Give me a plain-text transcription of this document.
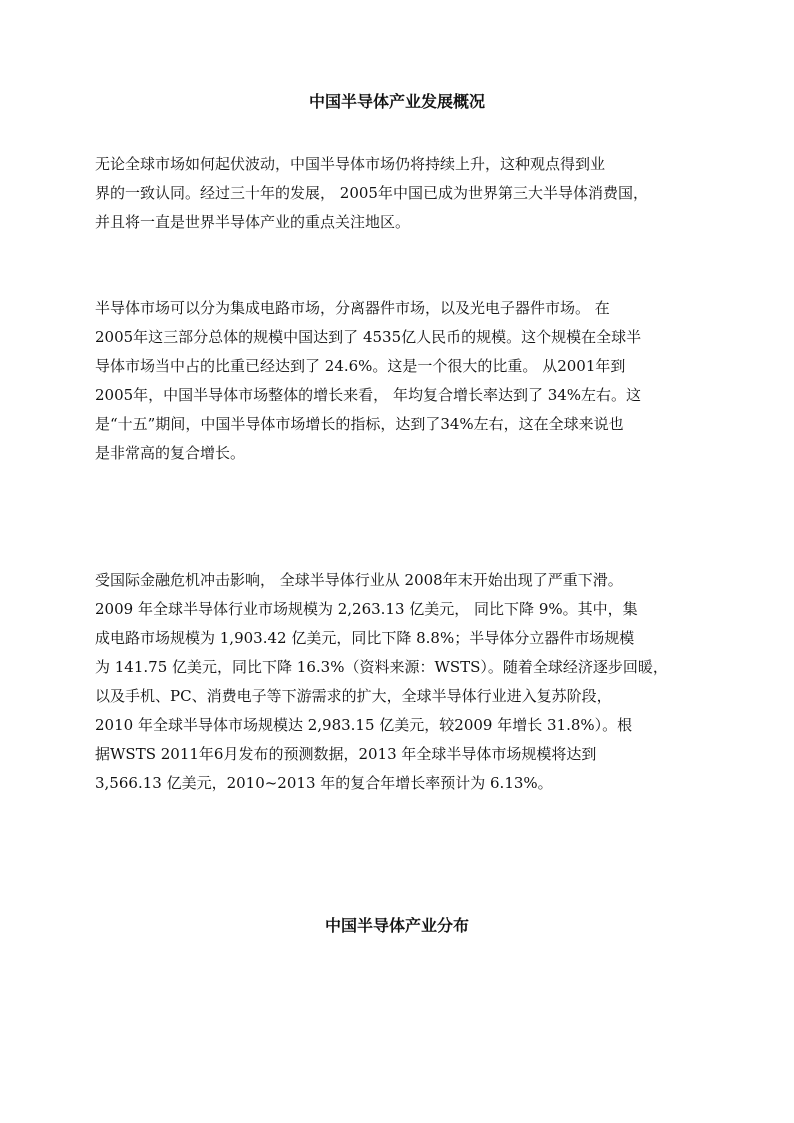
中国半导体产业发展概况
无论全球市场如何起伏波动，中国半导体市场仍将持续上升，这种观点得到业
界的一致认同。经过三十年的发展， 2005年中国已成为世界第三大半导体消费国，
并且将一直是世界半导体产业的重点关注地区。
半导体市场可以分为集成电路市场，分离器件市场，以及光电子器件市场。 在
2005年这三部分总体的规模中国达到了 4535亿人民币的规模。这个规模在全球半
导体市场当中占的比重已经达到了 24.6%。这是一个很大的比重。 从2001年到
2005年，中国半导体市场整体的增长来看， 年均复合增长率达到了 34%左右。这
是“十五”期间，中国半导体市场增长的指标，达到了34%左右，这在全球来说也
是非常高的复合增长。
受国际金融危机冲击影响， 全球半导体行业从 2008年末开始出现了严重下滑。
2009 年全球半导体行业市场规模为 2,263.13 亿美元， 同比下降 9%。其中，集
成电路市场规模为 1,903.42 亿美元，同比下降 8.8%；半导体分立器件市场规模
为 141.75 亿美元，同比下降 16.3%（资料来源：WSTS）。随着全球经济逐步回暖，
以及手机、PC、消费电子等下游需求的扩大，全球半导体行业进入复苏阶段，
2010 年全球半导体市场规模达 2,983.15 亿美元，较2009 年增长 31.8%）。根
据WSTS 2011年6月发布的预测数据，2013 年全球半导体市场规模将达到
3,566.13 亿美元，2010~2013 年的复合年增长率预计为 6.13%。
中国半导体产业分布
